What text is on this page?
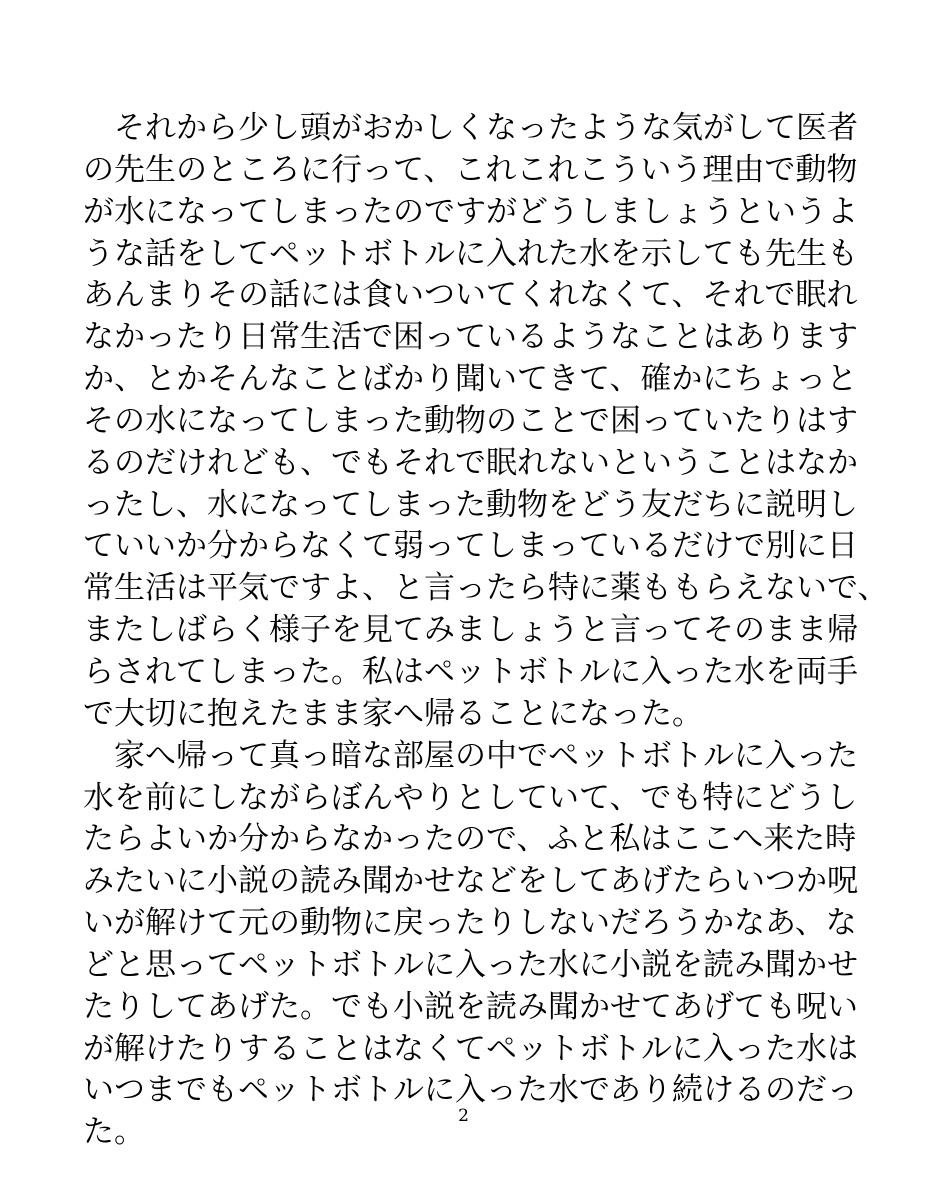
それから少し頭がおかしくなったような気がして医者
の先生のところに行って、これこれこういう理由で動物
が水になってしまったのですがどうしましょうというよ
うな話をしてペットボトルに入れた水を示しても先生も
あんまりその話には食いついてくれなくて、それで眠れ
なかったり日常生活で困っているようなことはあります
か、とかそんなことばかり聞いてきて、確かにちょっと
その水になってしまった動物のことで困っていたりはす
るのだけれども、でもそれで眠れないということはなか
ったし、水になってしまった動物をどう友だちに説明し
ていいか分からなくて弱ってしまっているだけで別に日
常生活は平気ですよ、と言ったら特に薬ももらえないで、
またしばらく様子を見てみましょうと言ってそのまま帰
らされてしまった。私はペットボトルに入った水を両手
で大切に抱えたまま家へ帰ることになった。
家へ帰って真っ暗な部屋の中でペットボトルに入った
水を前にしながらぼんやりとしていて、でも特にどうし
たらよいか分からなかったので、ふと私はここへ来た時
みたいに小説の読み聞かせなどをしてあげたらいつか呪
いが解けて元の動物に戻ったりしないだろうかなあ、な
どと思ってペットボトルに入った水に小説を読み聞かせ
たりしてあげた。でも小説を読み聞かせてあげても呪い
が解けたりすることはなくてペットボトルに入った水は
いつまでもペットボトルに入った水であり続けるのだっ
た。	2
